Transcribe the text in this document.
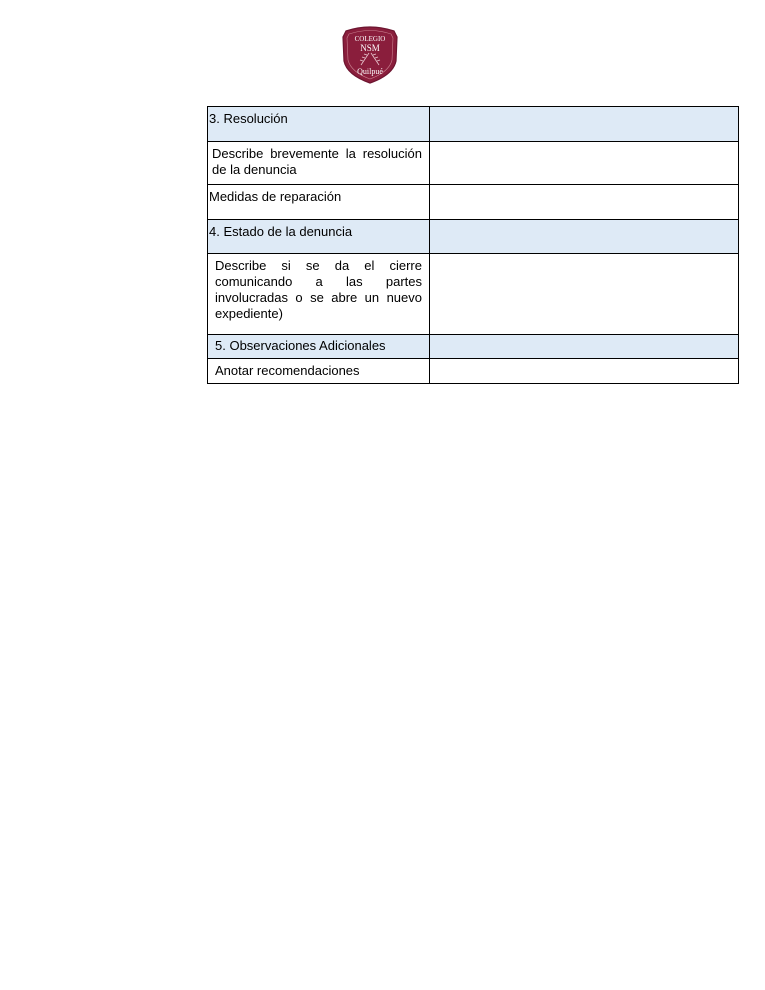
COLEGIO
NSM
Quilpué
3. Resolución	

Describe brevemente la resolución de la denuncia	

Medidas de reparación	

4. Estado de la denuncia	

Describe si se da el cierre comunicando a las partes involucradas o se abre un nuevo expediente)	

5. Observaciones Adicionales	

Anotar recomendaciones	
